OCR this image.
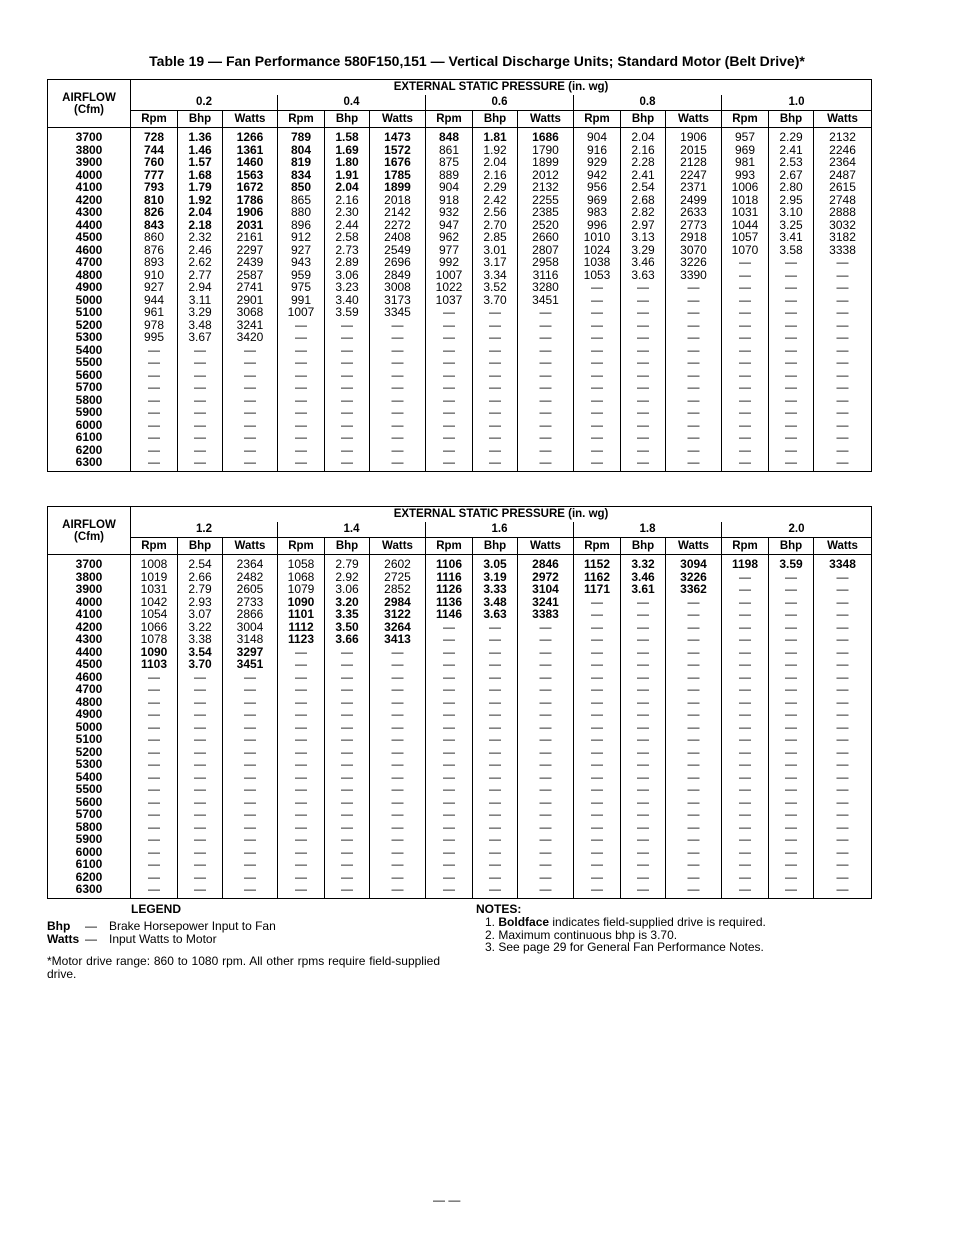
Table 19 — Fan Performance 580F150,151 — Vertical Discharge Units; Standard Motor (Belt Drive)*
AIRFLOW
(Cfm)	EXTERNAL STATIC PRESSURE (in. wg)														
	0.2			0.4			0.6			0.8			1.0		
	Rpm	Bhp	Watts	Rpm	Bhp	Watts	Rpm	Bhp	Watts	Rpm	Bhp	Watts	Rpm	Bhp	Watts
3700	728	1.36	1266	789	1.58	1473	848	1.81	1686	904	2.04	1906	957	2.29	2132
3800	744	1.46	1361	804	1.69	1572	861	1.92	1790	916	2.16	2015	969	2.41	2246
3900	760	1.57	1460	819	1.80	1676	875	2.04	1899	929	2.28	2128	981	2.53	2364
4000	777	1.68	1563	834	1.91	1785	889	2.16	2012	942	2.41	2247	993	2.67	2487
4100	793	1.79	1672	850	2.04	1899	904	2.29	2132	956	2.54	2371	1006	2.80	2615
4200	810	1.92	1786	865	2.16	2018	918	2.42	2255	969	2.68	2499	1018	2.95	2748
4300	826	2.04	1906	880	2.30	2142	932	2.56	2385	983	2.82	2633	1031	3.10	2888
4400	843	2.18	2031	896	2.44	2272	947	2.70	2520	996	2.97	2773	1044	3.25	3032
4500	860	2.32	2161	912	2.58	2408	962	2.85	2660	1010	3.13	2918	1057	3.41	3182
4600	876	2.46	2297	927	2.73	2549	977	3.01	2807	1024	3.29	3070	1070	3.58	3338
4700	893	2.62	2439	943	2.89	2696	992	3.17	2958	1038	3.46	3226	—	—	—
4800	910	2.77	2587	959	3.06	2849	1007	3.34	3116	1053	3.63	3390	—	—	—
4900	927	2.94	2741	975	3.23	3008	1022	3.52	3280	—	—	—	—	—	—
5000	944	3.11	2901	991	3.40	3173	1037	3.70	3451	—	—	—	—	—	—
5100	961	3.29	3068	1007	3.59	3345	—	—	—	—	—	—	—	—	—
5200	978	3.48	3241	—	—	—	—	—	—	—	—	—	—	—	—
5300	995	3.67	3420	—	—	—	—	—	—	—	—	—	—	—	—
5400	—	—	—	—	—	—	—	—	—	—	—	—	—	—	—
5500	—	—	—	—	—	—	—	—	—	—	—	—	—	—	—
5600	—	—	—	—	—	—	—	—	—	—	—	—	—	—	—
5700	—	—	—	—	—	—	—	—	—	—	—	—	—	—	—
5800	—	—	—	—	—	—	—	—	—	—	—	—	—	—	—
5900	—	—	—	—	—	—	—	—	—	—	—	—	—	—	—
6000	—	—	—	—	—	—	—	—	—	—	—	—	—	—	—
6100	—	—	—	—	—	—	—	—	—	—	—	—	—	—	—
6200	—	—	—	—	—	—	—	—	—	—	—	—	—	—	—
6300	—	—	—	—	—	—	—	—	—	—	—	—	—	—	—
AIRFLOW
(Cfm)	EXTERNAL STATIC PRESSURE (in. wg)														
	1.2			1.4			1.6			1.8			2.0		
	Rpm	Bhp	Watts	Rpm	Bhp	Watts	Rpm	Bhp	Watts	Rpm	Bhp	Watts	Rpm	Bhp	Watts
3700	1008	2.54	2364	1058	2.79	2602	1106	3.05	2846	1152	3.32	3094	1198	3.59	3348
3800	1019	2.66	2482	1068	2.92	2725	1116	3.19	2972	1162	3.46	3226	—	—	—
3900	1031	2.79	2605	1079	3.06	2852	1126	3.33	3104	1171	3.61	3362	—	—	—
4000	1042	2.93	2733	1090	3.20	2984	1136	3.48	3241	—	—	—	—	—	—
4100	1054	3.07	2866	1101	3.35	3122	1146	3.63	3383	—	—	—	—	—	—
4200	1066	3.22	3004	1112	3.50	3264	—	—	—	—	—	—	—	—	—
4300	1078	3.38	3148	1123	3.66	3413	—	—	—	—	—	—	—	—	—
4400	1090	3.54	3297	—	—	—	—	—	—	—	—	—	—	—	—
4500	1103	3.70	3451	—	—	—	—	—	—	—	—	—	—	—	—
4600	—	—	—	—	—	—	—	—	—	—	—	—	—	—	—
4700	—	—	—	—	—	—	—	—	—	—	—	—	—	—	—
4800	—	—	—	—	—	—	—	—	—	—	—	—	—	—	—
4900	—	—	—	—	—	—	—	—	—	—	—	—	—	—	—
5000	—	—	—	—	—	—	—	—	—	—	—	—	—	—	—
5100	—	—	—	—	—	—	—	—	—	—	—	—	—	—	—
5200	—	—	—	—	—	—	—	—	—	—	—	—	—	—	—
5300	—	—	—	—	—	—	—	—	—	—	—	—	—	—	—
5400	—	—	—	—	—	—	—	—	—	—	—	—	—	—	—
5500	—	—	—	—	—	—	—	—	—	—	—	—	—	—	—
5600	—	—	—	—	—	—	—	—	—	—	—	—	—	—	—
5700	—	—	—	—	—	—	—	—	—	—	—	—	—	—	—
5800	—	—	—	—	—	—	—	—	—	—	—	—	—	—	—
5900	—	—	—	—	—	—	—	—	—	—	—	—	—	—	—
6000	—	—	—	—	—	—	—	—	—	—	—	—	—	—	—
6100	—	—	—	—	—	—	—	—	—	—	—	—	—	—	—
6200	—	—	—	—	—	—	—	—	—	—	—	—	—	—	—
6300	—	—	—	—	—	—	—	—	—	—	—	—	—	—	—
LEGEND
Bhp — Brake Horsepower Input to Fan
Watts — Input Watts to Motor
*Motor drive range: 860 to 1080 rpm. All other rpms require field-supplied drive.
NOTES:
1. Boldface indicates field-supplied drive is required.
2. Maximum continuous bhp is 3.70.
3. See page 29 for General Fan Performance Notes.
— —
